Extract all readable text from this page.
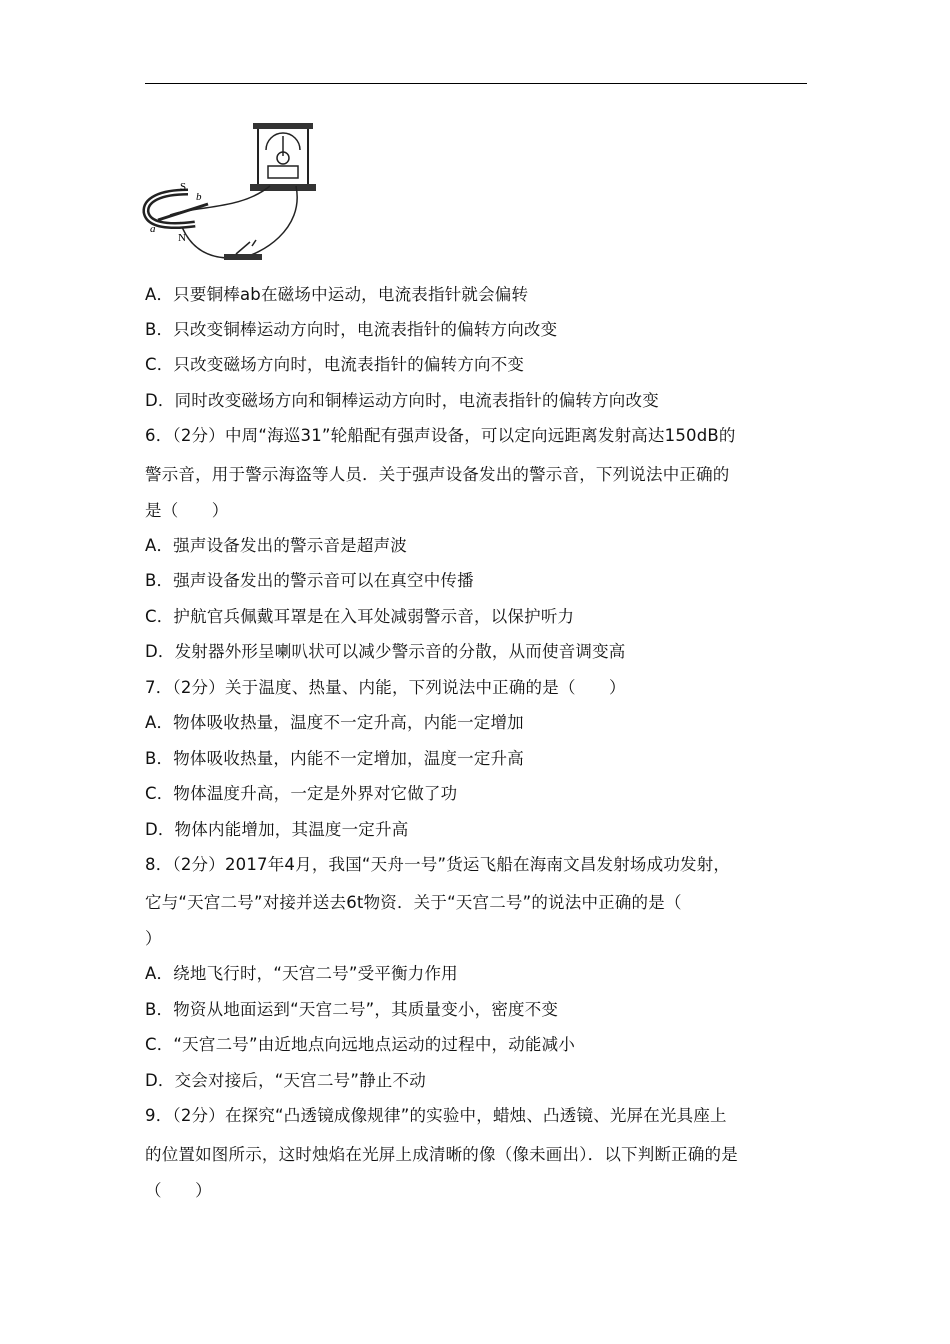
S
b
N
a
A．只要铜棒ab在磁场中运动，电流表指针就会偏转
B．只改变铜棒运动方向时，电流表指针的偏转方向改变
C．只改变磁场方向时，电流表指针的偏转方向不变
D．同时改变磁场方向和铜棒运动方向时，电流表指针的偏转方向改变
6．（2分）中周“海巡31”轮船配有强声设备，可以定向远距离发射高达150dB的
警示音，用于警示海盗等人员．关于强声设备发出的警示音，下列说法中正确的
是（　　）
A．强声设备发出的警示音是超声波
B．强声设备发出的警示音可以在真空中传播
C．护航官兵佩戴耳罩是在入耳处减弱警示音，以保护听力
D．发射器外形呈喇叭状可以减少警示音的分散，从而使音调变高
7．（2分）关于温度、热量、内能，下列说法中正确的是（　　）
A．物体吸收热量，温度不一定升高，内能一定增加
B．物体吸收热量，内能不一定增加，温度一定升高
C．物体温度升高，一定是外界对它做了功
D．物体内能增加，其温度一定升高
8．（2分）2017年4月，我国“天舟一号”货运飞船在海南文昌发射场成功发射，
它与“天宫二号”对接并送去6t物资．关于“天宫二号”的说法中正确的是（
）
A．绕地飞行时，“天宫二号”受平衡力作用
B．物资从地面运到“天宫二号”，其质量变小，密度不变
C．“天宫二号”由近地点向远地点运动的过程中，动能减小
D．交会对接后，“天宫二号”静止不动
9．（2分）在探究“凸透镜成像规律”的实验中，蜡烛、凸透镜、光屏在光具座上
的位置如图所示，这时烛焰在光屏上成清晰的像（像未画出）．以下判断正确的是
（　　）
